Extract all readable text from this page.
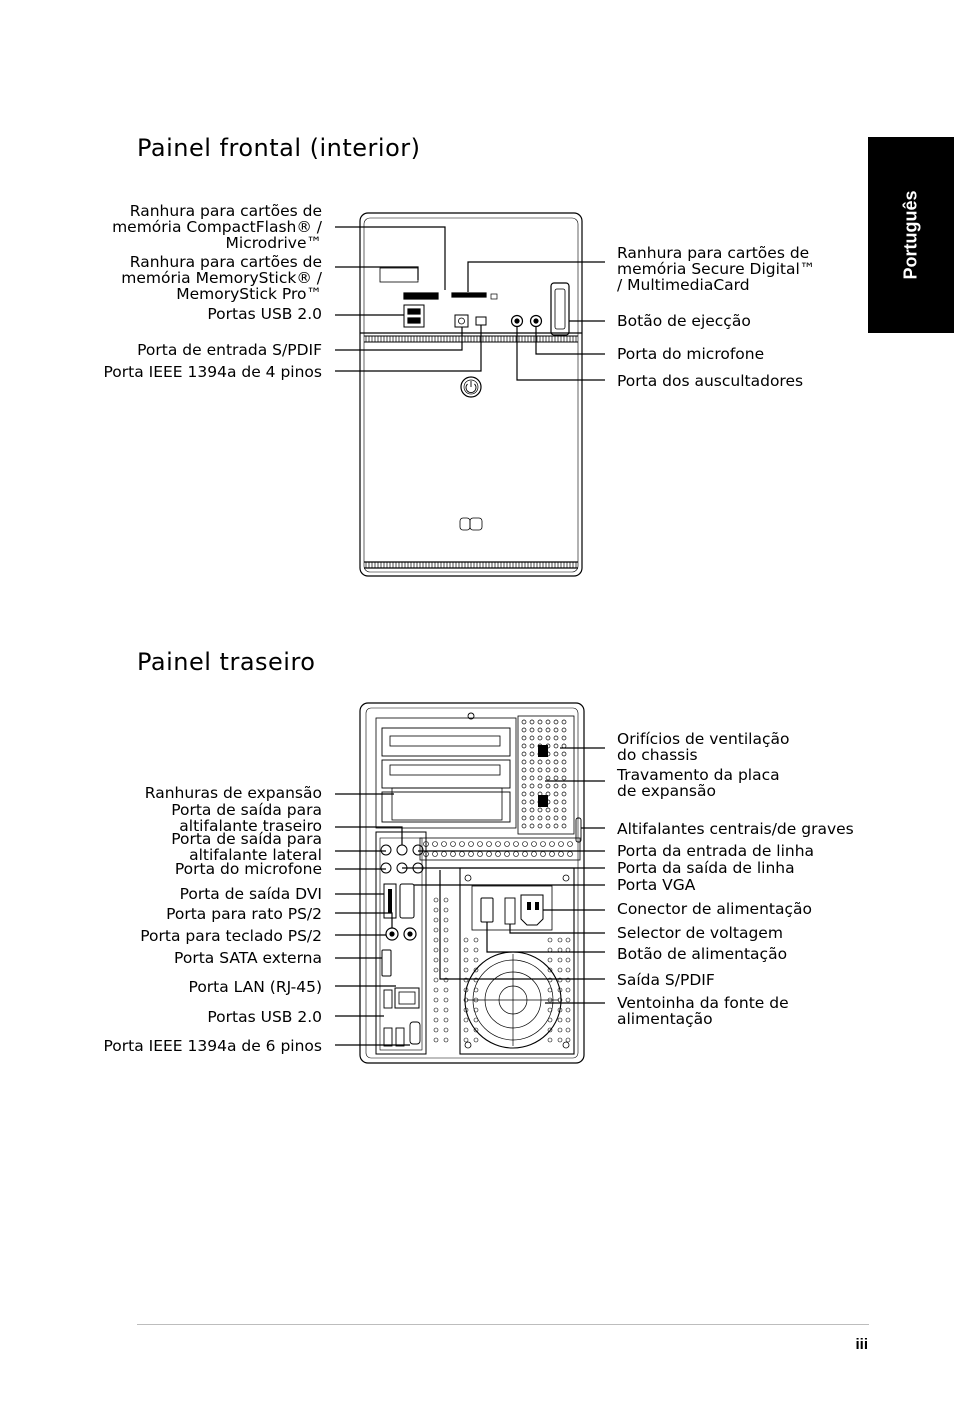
Português
Painel frontal (interior)
Ranhura para cartões de
memória CompactFlash® /
Microdrive™
Ranhura para cartões de
memória MemoryStick® /
MemoryStick Pro™
Portas USB 2.0
Porta de entrada S/PDIF
Porta IEEE 1394a de 4 pinos
Ranhura para cartões de
memória Secure Digital™
/ MultimediaCard
Botão de ejecção
Porta do microfone
Porta dos auscultadores
Painel traseiro
Ranhuras de expansão
Porta de saída para
altifalante traseiro
Porta de saída para
altifalante lateral
Porta do microfone
Porta de saída DVI
Porta para rato PS/2
Porta para teclado PS/2
Porta SATA externa
Porta LAN (RJ-45)
Portas USB 2.0
Porta IEEE 1394a de 6 pinos
Orifícios de ventilação
do chassis
Travamento da placa
de expansão
Altifalantes centrais/de graves
Porta da entrada de linha
Porta da saída de linha
Porta VGA
Conector de alimentação
Selector de voltagem
Botão de alimentação
Saída S/PDIF
Ventoinha da fonte de
alimentação
iii
